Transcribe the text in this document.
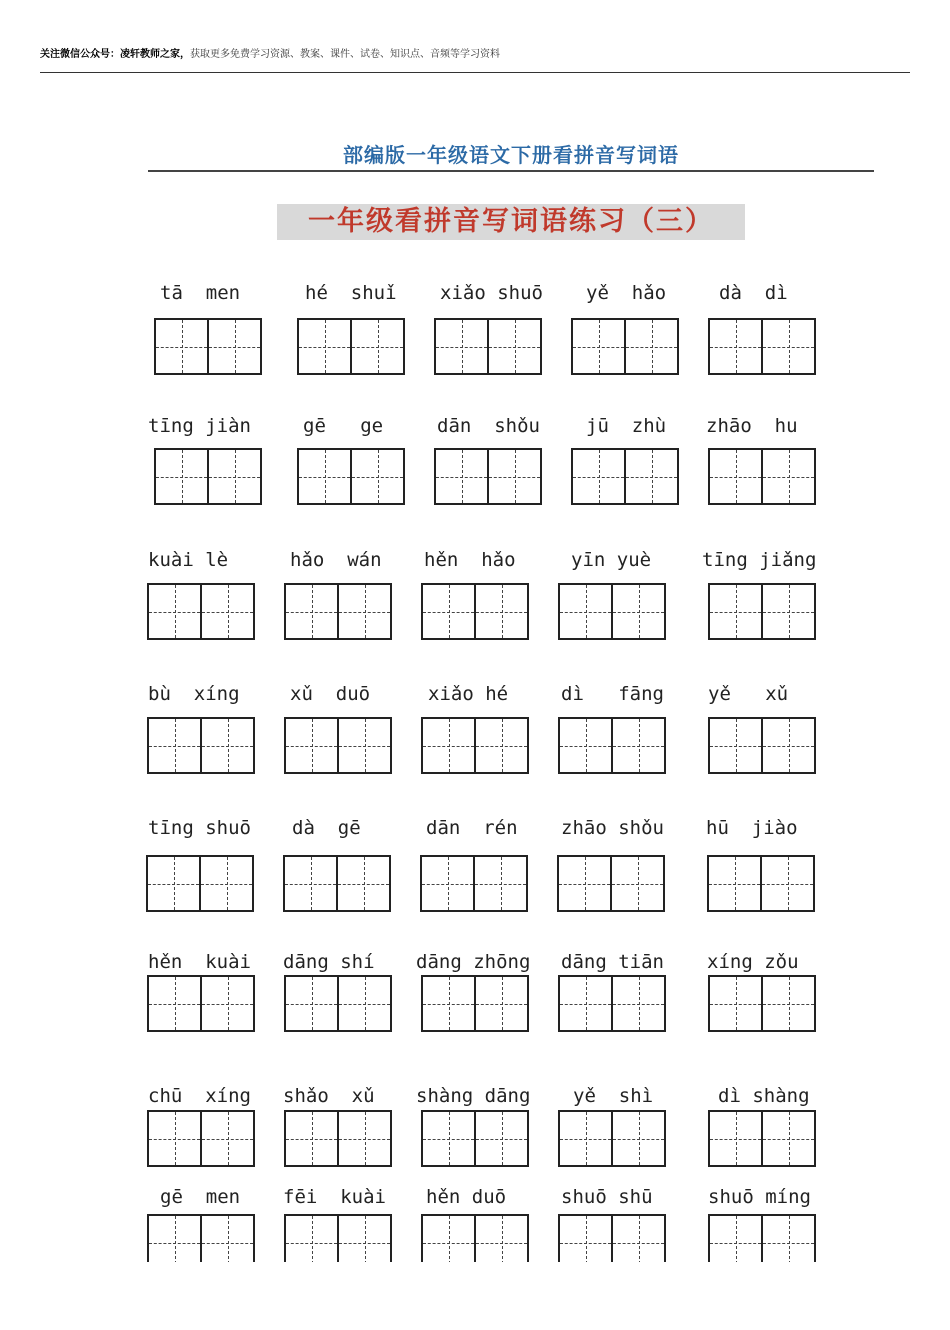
关注微信公众号：凌轩教师之家，获取更多免费学习资源、教案、课件、试卷、知识点、音频等学习资料
部编版一年级语文下册看拼音写词语
一年级看拼音写词语练习（三）
tā  men	hé  shuǐ	xiǎo shuō	yě  hǎo	dà  dì
tīng jiàn	gē   ge	dān  shǒu	jū  zhù	zhāo  hu
kuài lè	hǎo  wán	hěn  hǎo	yīn yuè	tīng jiǎng
bù  xíng	xǔ  duō	xiǎo hé	dì   fāng	yě   xǔ
tīng shuō	dà  gē	dān  rén	zhāo shǒu	hū  jiào
hěn  kuài	dāng shí	dāng zhōng	dāng tiān	xíng zǒu
chū  xíng	shǎo  xǔ	shàng dāng	yě  shì	dì shàng
gē  men	fēi  kuài	hěn duō	shuō shū	shuō míng
